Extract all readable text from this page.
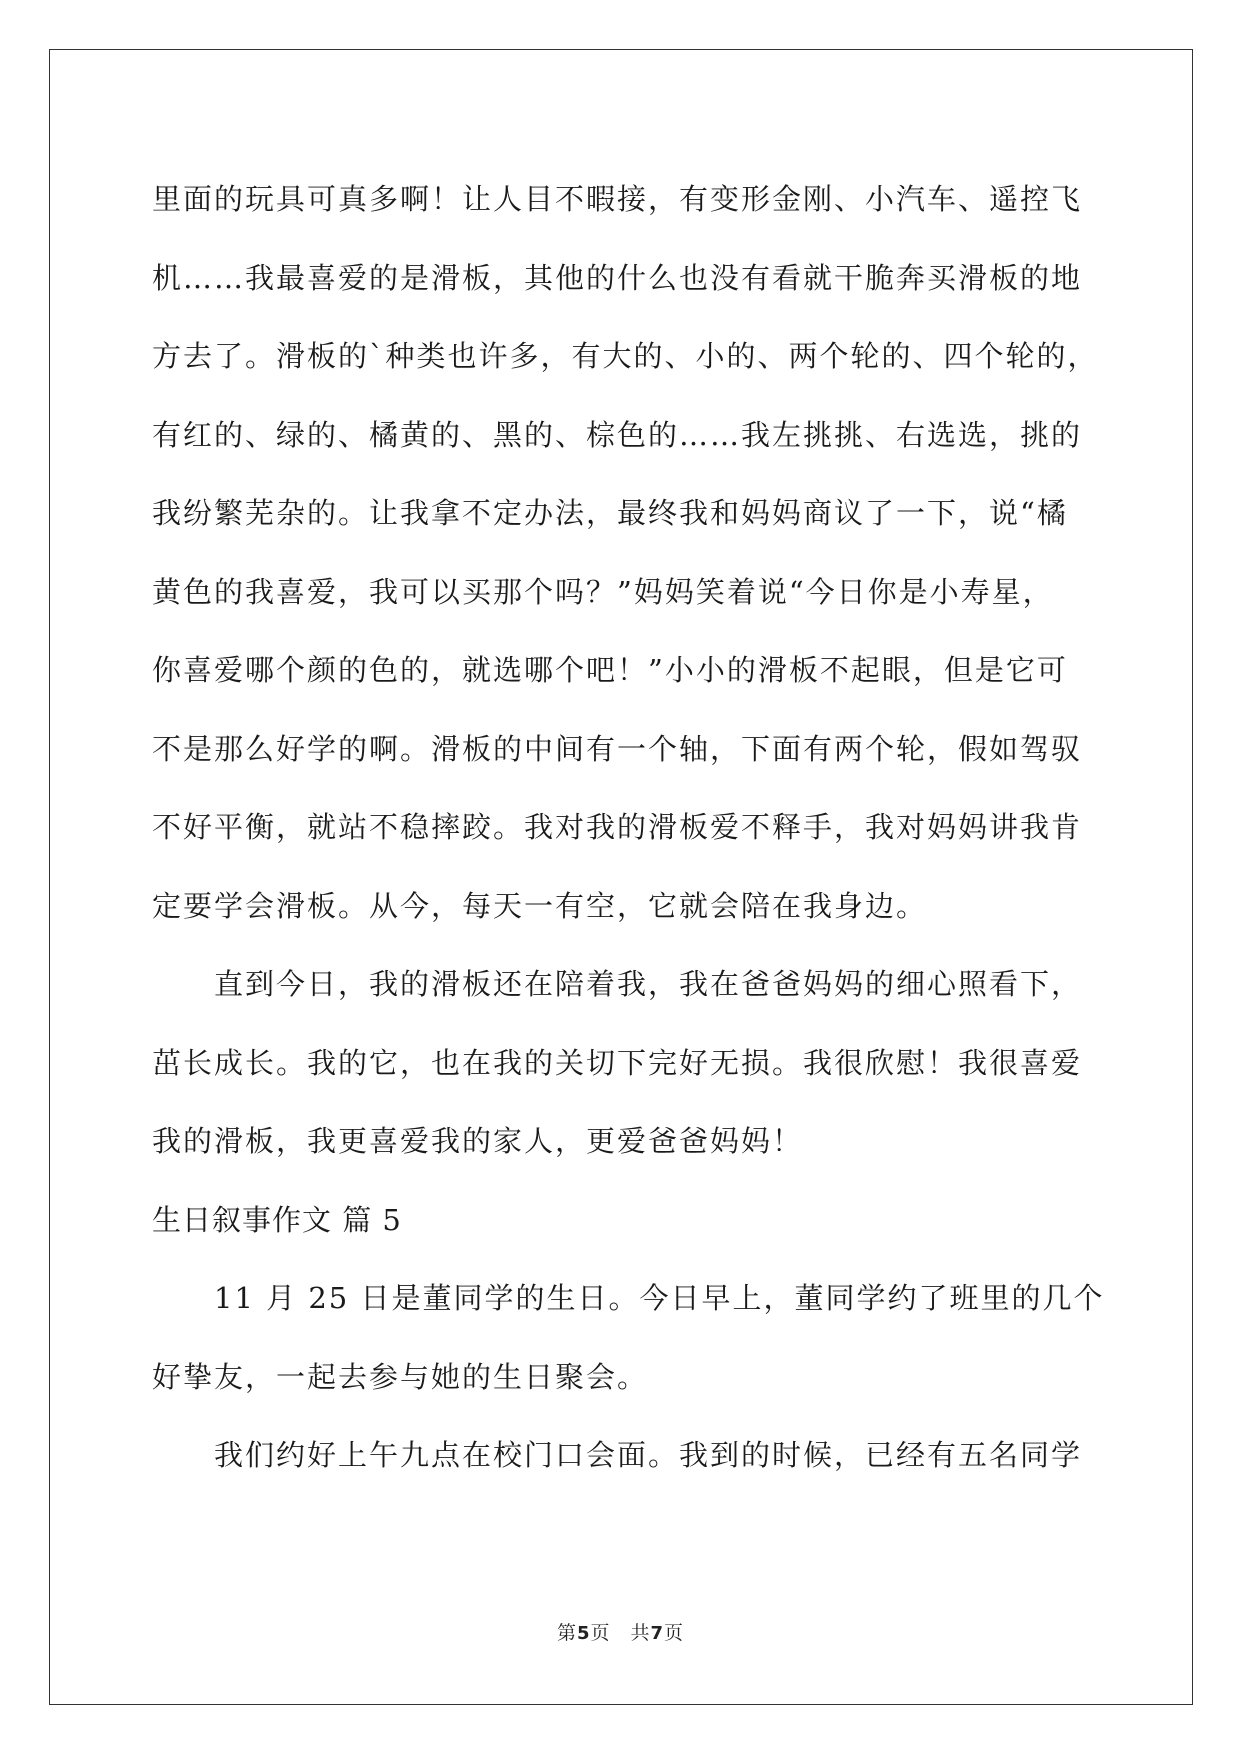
里面的玩具可真多啊！让人目不暇接，有变形金刚、小汽车、遥控飞
机……我最喜爱的是滑板，其他的什么也没有看就干脆奔买滑板的地
方去了。滑板的`种类也许多，有大的、小的、两个轮的、四个轮的，
有红的、绿的、橘黄的、黑的、棕色的……我左挑挑、右选选，挑的
我纷繁芜杂的。让我拿不定办法，最终我和妈妈商议了一下，说“橘
黄色的我喜爱，我可以买那个吗？”妈妈笑着说“今日你是小寿星，
你喜爱哪个颜的色的，就选哪个吧！”小小的滑板不起眼，但是它可
不是那么好学的啊。滑板的中间有一个轴，下面有两个轮，假如驾驭
不好平衡，就站不稳摔跤。我对我的滑板爱不释手，我对妈妈讲我肯
定要学会滑板。从今，每天一有空，它就会陪在我身边。
直到今日，我的滑板还在陪着我，我在爸爸妈妈的细心照看下，
茁长成长。我的它，也在我的关切下完好无损。我很欣慰！我很喜爱
我的滑板，我更喜爱我的家人，更爱爸爸妈妈！
生日叙事作文 篇 5
11 月 25 日是董同学的生日。今日早上，董同学约了班里的几个
好挚友，一起去参与她的生日聚会。
我们约好上午九点在校门口会面。我到的时候，已经有五名同学
第5页　共7页
